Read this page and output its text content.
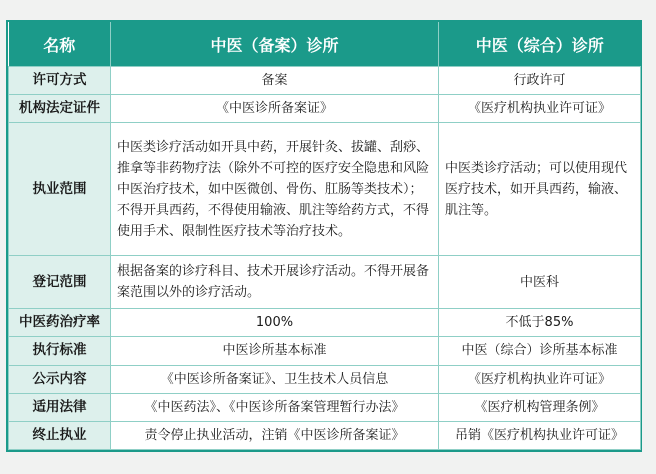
名称	中医（备案）诊所	中医（综合）诊所
许可方式	备案	行政许可
机构法定证件	《中医诊所备案证》	《医疗机构执业许可证》
执业范围	中医类诊疗活动如开具中药，开展针灸、拔罐、刮痧、推拿等非药物疗法（除外不可控的医疗安全隐患和风险中医治疗技术，如中医微创、骨伤、肛肠等类技术）；不得开具西药，不得使用输液、肌注等给药方式，不得使用手术、限制性医疗技术等治疗技术。	中医类诊疗活动；可以使用现代医疗技术，如开具西药，输液、肌注等。
登记范围	根据备案的诊疗科目、技术开展诊疗活动。不得开展备案范围以外的诊疗活动。	中医科
中医药治疗率	100%	不低于85%
执行标准	中医诊所基本标准	中医（综合）诊所基本标准
公示内容	《中医诊所备案证》、卫生技术人员信息	《医疗机构执业许可证》
适用法律	《中医药法》、《中医诊所备案管理暂行办法》	《医疗机构管理条例》
终止执业	责令停止执业活动，注销《中医诊所备案证》	吊销《医疗机构执业许可证》
